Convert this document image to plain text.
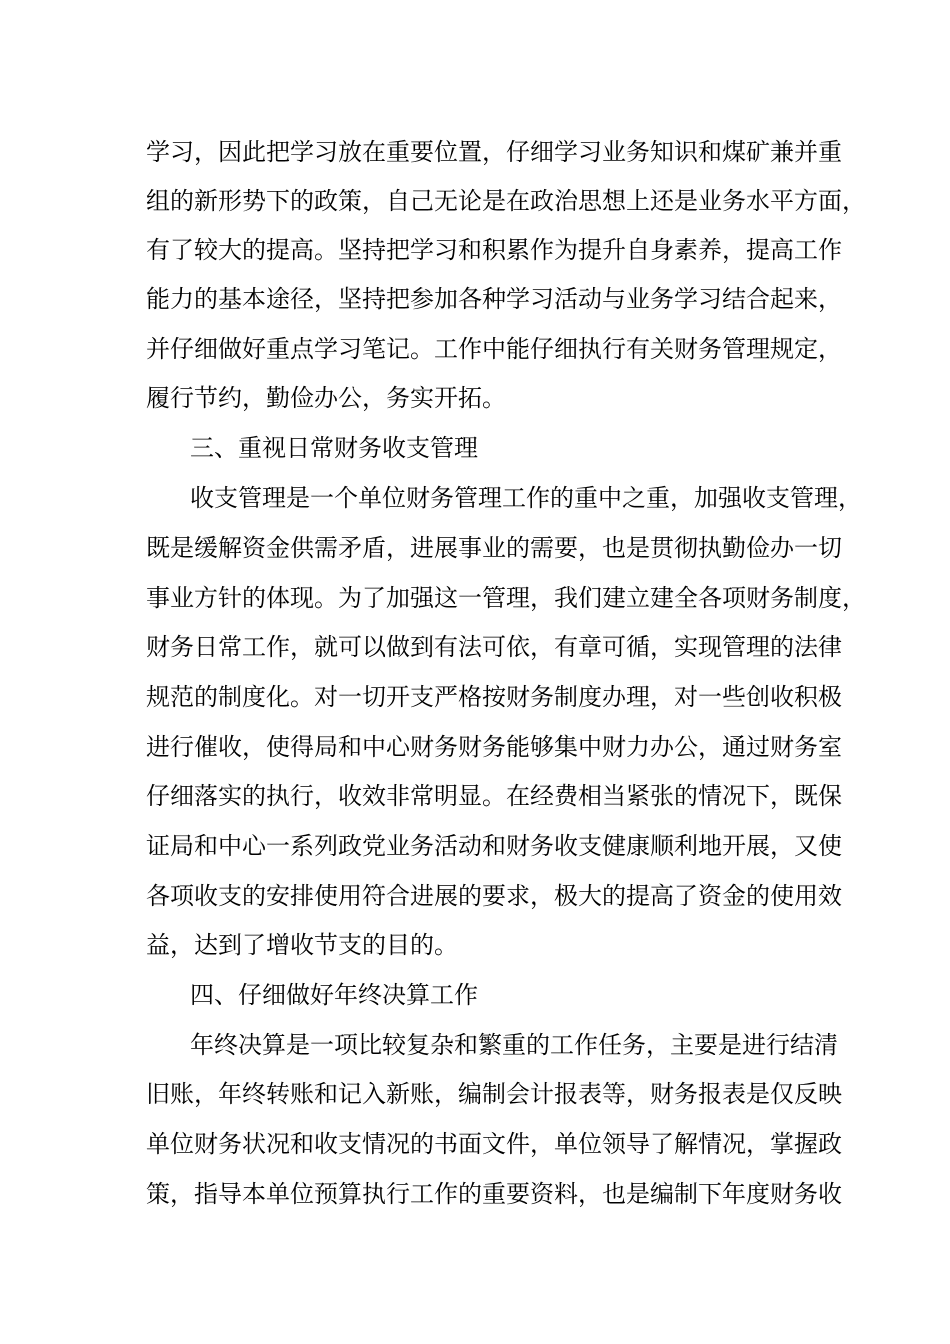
学习，因此把学习放在重要位置，仔细学习业务知识和煤矿兼并重
组的新形势下的政策，自己无论是在政治思想上还是业务水平方面，
有了较大的提高。坚持把学习和积累作为提升自身素养，提高工作
能力的基本途径，坚持把参加各种学习活动与业务学习结合起来，
并仔细做好重点学习笔记。工作中能仔细执行有关财务管理规定，
履行节约，勤俭办公，务实开拓。
三、重视日常财务收支管理
收支管理是一个单位财务管理工作的重中之重，加强收支管理，
既是缓解资金供需矛盾，进展事业的需要，也是贯彻执勤俭办一切
事业方针的体现。为了加强这一管理，我们建立建全各项财务制度，
财务日常工作，就可以做到有法可依，有章可循，实现管理的法律
规范的制度化。对一切开支严格按财务制度办理，对一些创收积极
进行催收，使得局和中心财务财务能够集中财力办公，通过财务室
仔细落实的执行，收效非常明显。在经费相当紧张的情况下，既保
证局和中心一系列政党业务活动和财务收支健康顺利地开展，又使
各项收支的安排使用符合进展的要求，极大的提高了资金的使用效
益，达到了增收节支的目的。
四、仔细做好年终决算工作
年终决算是一项比较复杂和繁重的工作任务，主要是进行结清
旧账，年终转账和记入新账，编制会计报表等，财务报表是仅反映
单位财务状况和收支情况的书面文件，单位领导了解情况，掌握政
策，指导本单位预算执行工作的重要资料，也是编制下年度财务收
